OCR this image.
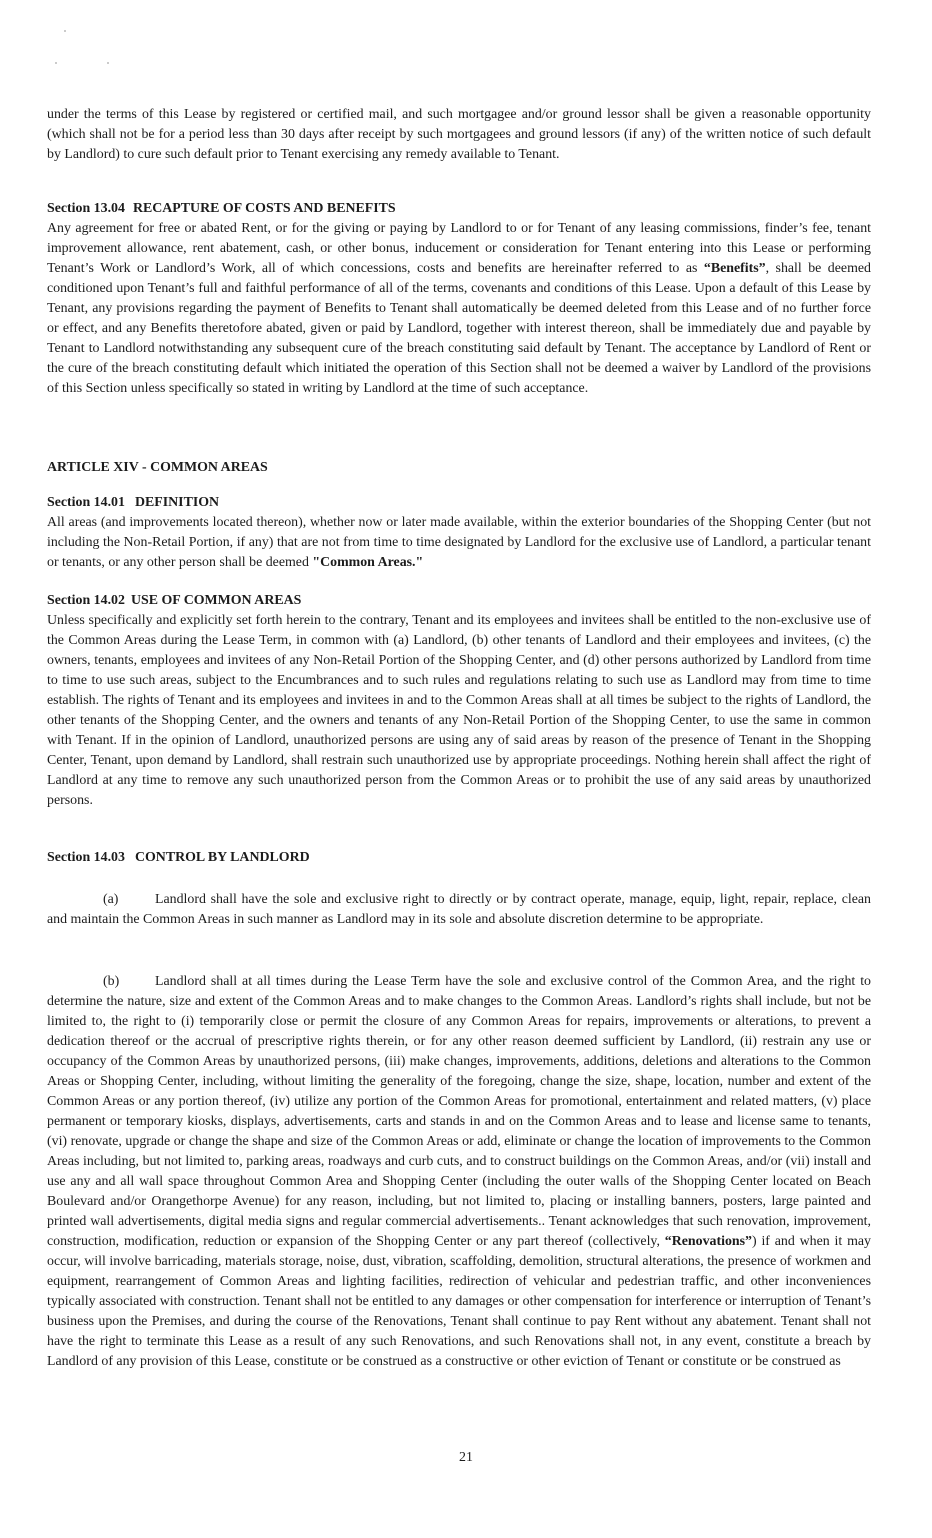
under the terms of this Lease by registered or certified mail, and such mortgagee and/or ground lessor shall be given a reasonable opportunity (which shall not be for a period less than 30 days after receipt by such mortgagees and ground lessors (if any) of the written notice of such default by Landlord) to cure such default prior to Tenant exercising any remedy available to Tenant.

Section 13.04 RECAPTURE OF COSTS AND BENEFITS

Any agreement for free or abated Rent, or for the giving or paying by Landlord to or for Tenant of any leasing commissions, finder’s fee, tenant improvement allowance, rent abatement, cash, or other bonus, inducement or consideration for Tenant entering into this Lease or performing Tenant’s Work or Landlord’s Work, all of which concessions, costs and benefits are hereinafter referred to as “Benefits”, shall be deemed conditioned upon Tenant’s full and faithful performance of all of the terms, covenants and conditions of this Lease. Upon a default of this Lease by Tenant, any provisions regarding the payment of Benefits to Tenant shall automatically be deemed deleted from this Lease and of no further force or effect, and any Benefits theretofore abated, given or paid by Landlord, together with interest thereon, shall be immediately due and payable by Tenant to Landlord notwithstanding any subsequent cure of the breach constituting said default by Tenant. The acceptance by Landlord of Rent or the cure of the breach constituting default which initiated the operation of this Section shall not be deemed a waiver by Landlord of the provisions of this Section unless specifically so stated in writing by Landlord at the time of such acceptance.

ARTICLE XIV - COMMON AREAS
Section 14.01 DEFINITION

All areas (and improvements located thereon), whether now or later made available, within the exterior boundaries of the Shopping Center (but not including the Non-Retail Portion, if any) that are not from time to time designated by Landlord for the exclusive use of Landlord, a particular tenant or tenants, or any other person shall be deemed "Common Areas."

Section 14.02 USE OF COMMON AREAS

Unless specifically and explicitly set forth herein to the contrary, Tenant and its employees and invitees shall be entitled to the non-exclusive use of the Common Areas during the Lease Term, in common with (a) Landlord, (b) other tenants of Landlord and their employees and invitees, (c) the owners, tenants, employees and invitees of any Non-Retail Portion of the Shopping Center, and (d) other persons authorized by Landlord from time to time to use such areas, subject to the Encumbrances and to such rules and regulations relating to such use as Landlord may from time to time establish. The rights of Tenant and its employees and invitees in and to the Common Areas shall at all times be subject to the rights of Landlord, the other tenants of the Shopping Center, and the owners and tenants of any Non-Retail Portion of the Shopping Center, to use the same in common with Tenant. If in the opinion of Landlord, unauthorized persons are using any of said areas by reason of the presence of Tenant in the Shopping Center, Tenant, upon demand by Landlord, shall restrain such unauthorized use by appropriate proceedings. Nothing herein shall affect the right of Landlord at any time to remove any such unauthorized person from the Common Areas or to prohibit the use of any said areas by unauthorized persons.

Section 14.03 CONTROL BY LANDLORD

(a)	Landlord shall have the sole and exclusive right to directly or by contract operate, manage, equip, light, repair, replace, clean and maintain the Common Areas in such manner as Landlord may in its sole and absolute discretion determine to be appropriate.

(b)	Landlord shall at all times during the Lease Term have the sole and exclusive control of the Common Area, and the right to determine the nature, size and extent of the Common Areas and to make changes to the Common Areas. Landlord’s rights shall include, but not be limited to, the right to (i) temporarily close or permit the closure of any Common Areas for repairs, improvements or alterations, to prevent a dedication thereof or the accrual of prescriptive rights therein, or for any other reason deemed sufficient by Landlord, (ii) restrain any use or occupancy of the Common Areas by unauthorized persons, (iii) make changes, improvements, additions, deletions and alterations to the Common Areas or Shopping Center, including, without limiting the generality of the foregoing, change the size, shape, location, number and extent of the Common Areas or any portion thereof, (iv) utilize any portion of the Common Areas for promotional, entertainment and related matters, (v) place permanent or temporary kiosks, displays, advertisements, carts and stands in and on the Common Areas and to lease and license same to tenants, (vi) renovate, upgrade or change the shape and size of the Common Areas or add, eliminate or change the location of improvements to the Common Areas including, but not limited to, parking areas, roadways and curb cuts, and to construct buildings on the Common Areas, and/or (vii) install and use any and all wall space throughout Common Area and Shopping Center (including the outer walls of the Shopping Center located on Beach Boulevard and/or Orangethorpe Avenue) for any reason, including, but not limited to, placing or installing banners, posters, large painted and printed wall advertisements, digital media signs and regular commercial advertisements.. Tenant acknowledges that such renovation, improvement, construction, modification, reduction or expansion of the Shopping Center or any part thereof (collectively, “Renovations”) if and when it may occur, will involve barricading, materials storage, noise, dust, vibration, scaffolding, demolition, structural alterations, the presence of workmen and equipment, rearrangement of Common Areas and lighting facilities, redirection of vehicular and pedestrian traffic, and other inconveniences typically associated with construction. Tenant shall not be entitled to any damages or other compensation for interference or interruption of Tenant’s business upon the Premises, and during the course of the Renovations, Tenant shall continue to pay Rent without any abatement. Tenant shall not have the right to terminate this Lease as a result of any such Renovations, and such Renovations shall not, in any event, constitute a breach by Landlord of any provision of this Lease, constitute or be construed as a constructive or other eviction of Tenant or constitute or be construed as

21
